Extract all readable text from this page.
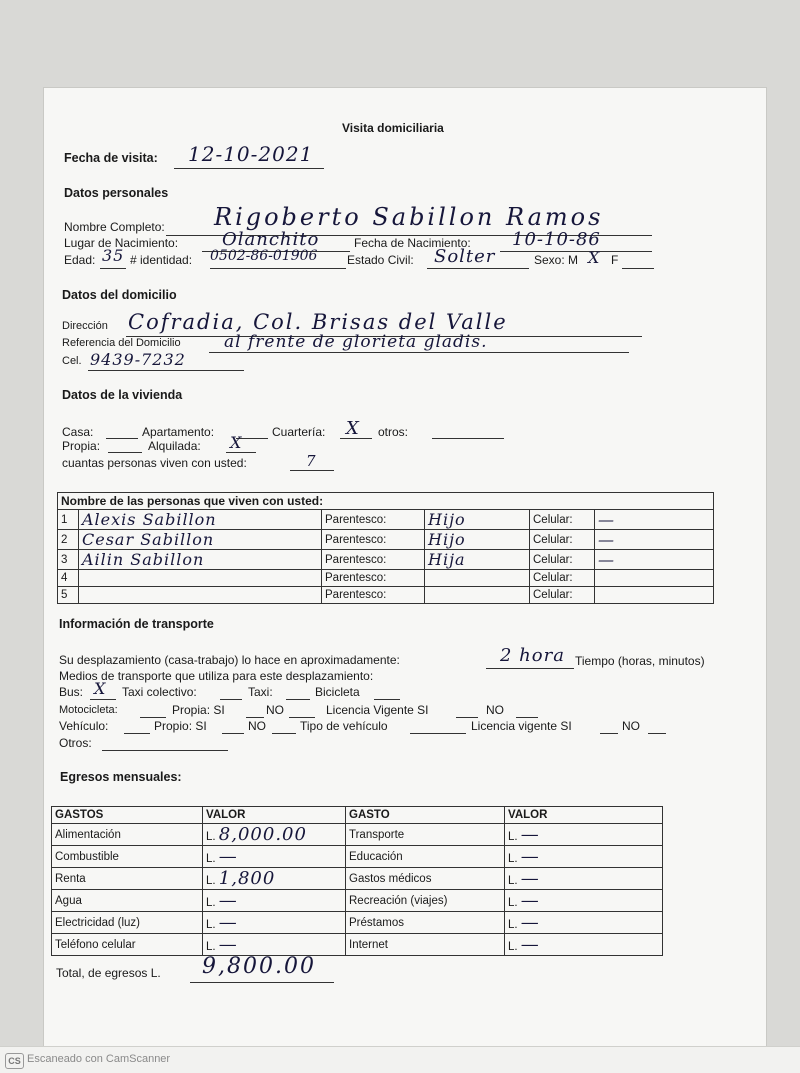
Visita domiciliaria
Fecha de visita: 12-10-2021
Datos personales
Nombre Completo: Rigoberto Sabillon Ramos
Lugar de Nacimiento: Olanchito	Fecha de Nacimiento: 10-10-86
Edad: 35 # identidad: 0502-86-01906 Estado Civil: Solter	Sexo: M X F
Datos del domicilio
Dirección Cofradia, Col. Brisas del Valle
Referencia del Domicilio	al frente de glorieta gladis.
Cel. 9439-7232
Datos de la vivienda
Casa:	Apartamento:	Cuartería: X otros:
Propia:	Alquilada: X
cuantas personas viven con usted:	7
Nombre de las personas que viven con usted:					
1	Alexis Sabillon	Parentesco:	Hijo	Celular:	—
2	Cesar Sabillon	Parentesco:	Hijo	Celular:	—
3	Ailin Sabillon	Parentesco:	Hija	Celular:	—
4		Parentesco:		Celular:	
5		Parentesco:		Celular:	
Información de transporte
Su desplazamiento (casa-trabajo) lo hace en aproximadamente:	2 hora Tiempo (horas, minutos)
Medios de transporte que utiliza para este desplazamiento:
Bus: X Taxi colectivo:	Taxi:	Bicicleta
Motocicleta:	Propia: SI	NO	Licencia Vigente SI	NO
Vehículo:	Propio: SI	NO	Tipo de vehículo	Licencia vigente SI	NO
Otros:
Egresos mensuales:
GASTOS	VALOR	GASTO	VALOR
Alimentación	L. 8,000.00	Transporte	L. —
Combustible	L. —	Educación	L. —
Renta	L. 1,800	Gastos médicos	L. —
Agua	L. —	Recreación (viajes)	L. —
Electricidad (luz)	L. —	Préstamos	L. —
Teléfono celular	L. —	Internet	L. —
Total, de egresos L. 9,800.00
CS Escaneado con CamScanner
